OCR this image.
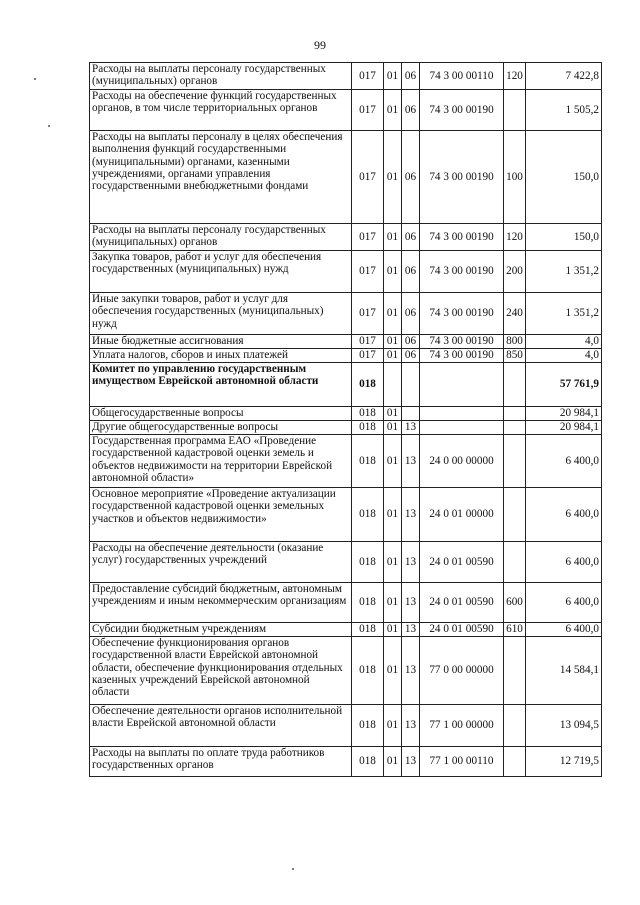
99
Расходы на выплаты персоналу государственных (муниципальных) органов	017	01	06	74 3 00 00110	120	7 422,8
Расходы на обеспечение функций государственных органов, в том числе территориальных органов	017	01	06	74 3 00 00190		1 505,2
Расходы на выплаты персоналу в целях обеспечения выполнения функций государственными (муниципальными) органами, казенными учреждениями, органами управления государственными внебюджетными фондами	017	01	06	74 3 00 00190	100	150,0
Расходы на выплаты персоналу государственных (муниципальных) органов	017	01	06	74 3 00 00190	120	150,0
Закупка товаров, работ и услуг для обеспечения государственных (муниципальных) нужд	017	01	06	74 3 00 00190	200	1 351,2
Иные закупки товаров, работ и услуг для обеспечения государственных (муниципальных) нужд	017	01	06	74 3 00 00190	240	1 351,2
Иные бюджетные ассигнования	017	01	06	74 3 00 00190	800	4,0
Уплата налогов, сборов и иных платежей	017	01	06	74 3 00 00190	850	4,0
Комитет по управлению государственным имуществом Еврейской автономной области	018					57 761,9
Общегосударственные вопросы	018	01				20 984,1
Другие общегосударственные вопросы	018	01	13			20 984,1
Государственная программа ЕАО «Проведение государственной кадастровой оценки земель и объектов недвижимости на территории Еврейской автономной области»	018	01	13	24 0 00 00000		6 400,0
Основное мероприятие «Проведение актуализации государственной кадастровой оценки земельных участков и объектов недвижимости»	018	01	13	24 0 01 00000		6 400,0
Расходы на обеспечение деятельности (оказание услуг) государственных учреждений	018	01	13	24 0 01 00590		6 400,0
Предоставление субсидий бюджетным, автономным учреждениям и иным некоммерческим организациям	018	01	13	24 0 01 00590	600	6 400,0
Субсидии бюджетным учреждениям	018	01	13	24 0 01 00590	610	6 400,0
Обеспечение функционирования органов государственной власти Еврейской автономной области, обеспечение функционирования отдельных казенных учреждений Еврейской автономной области	018	01	13	77 0 00 00000		14 584,1
Обеспечение деятельности органов исполнительной власти Еврейской автономной области	018	01	13	77 1 00 00000		13 094,5
Расходы на выплаты по оплате труда работников государственных органов	018	01	13	77 1 00 00110		12 719,5
